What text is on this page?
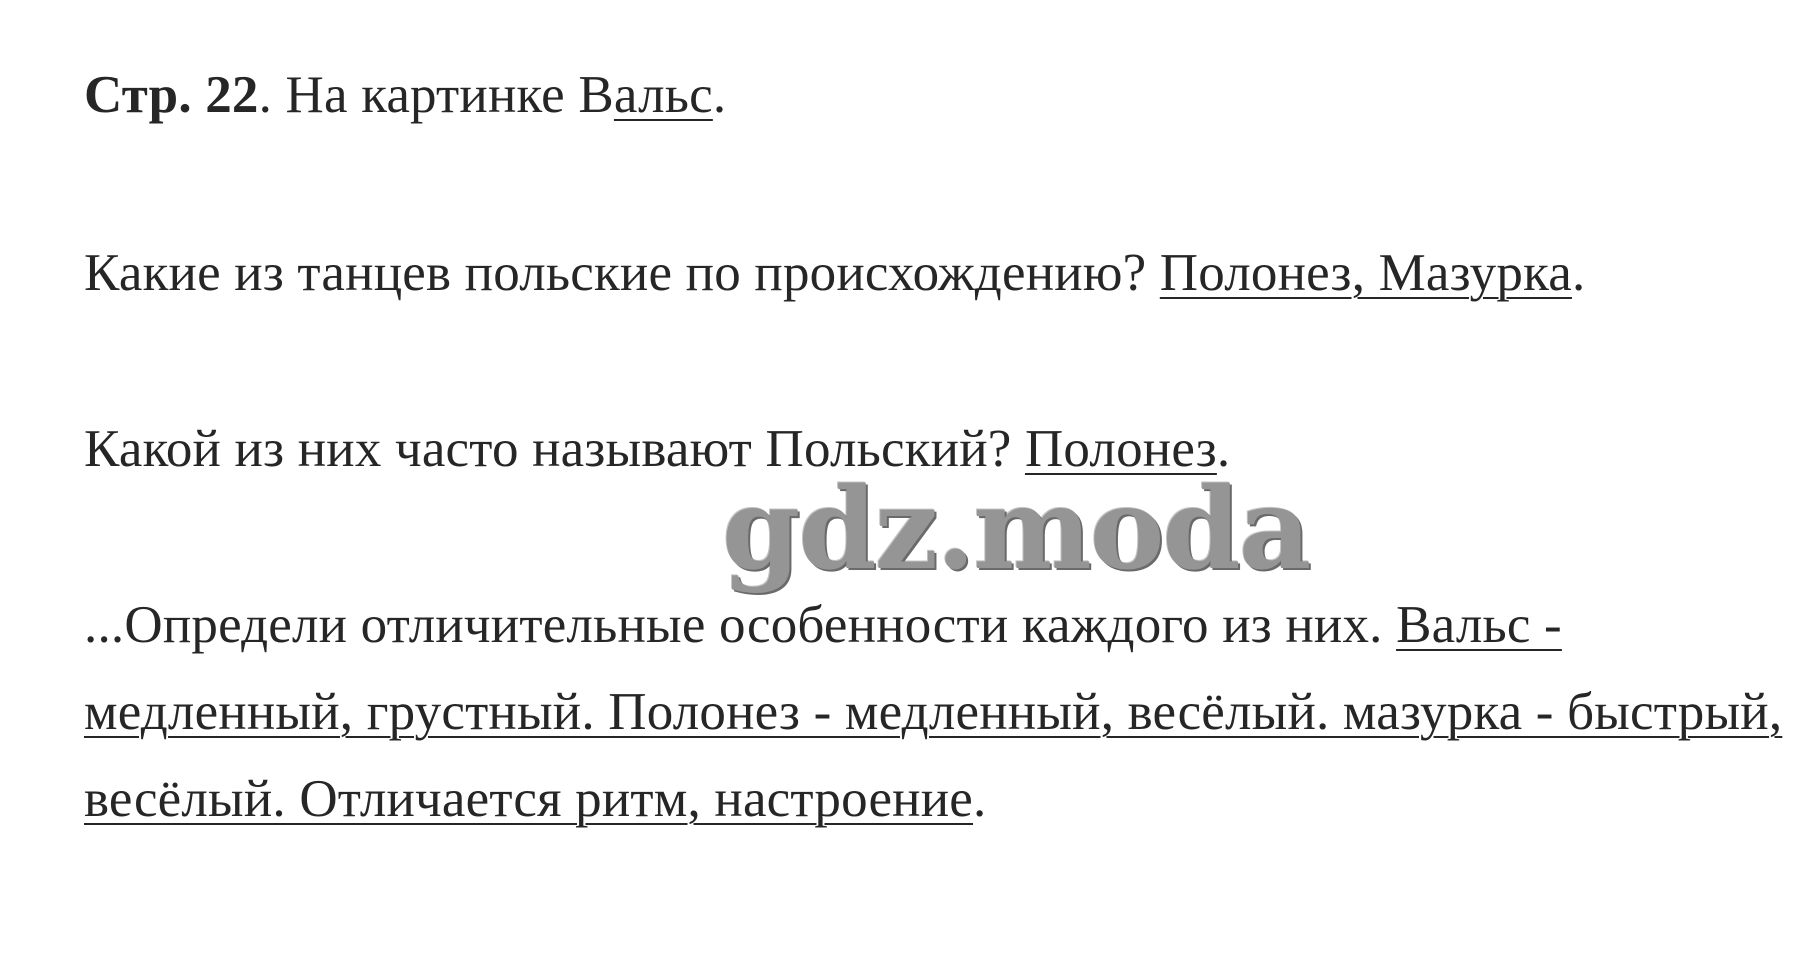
Стр. 22. На картинке Вальс.
Какие из танцев польские по происхождению? Полонез, Мазурка.
Какой из них часто называют Польский? Полонез.
...Определи отличительные особенности каждого из них. Вальс - медленный, грустный. Полонез - медленный, весёлый. мазурка - быстрый, весёлый. Отличается ритм, настроение.
gdz.moda
